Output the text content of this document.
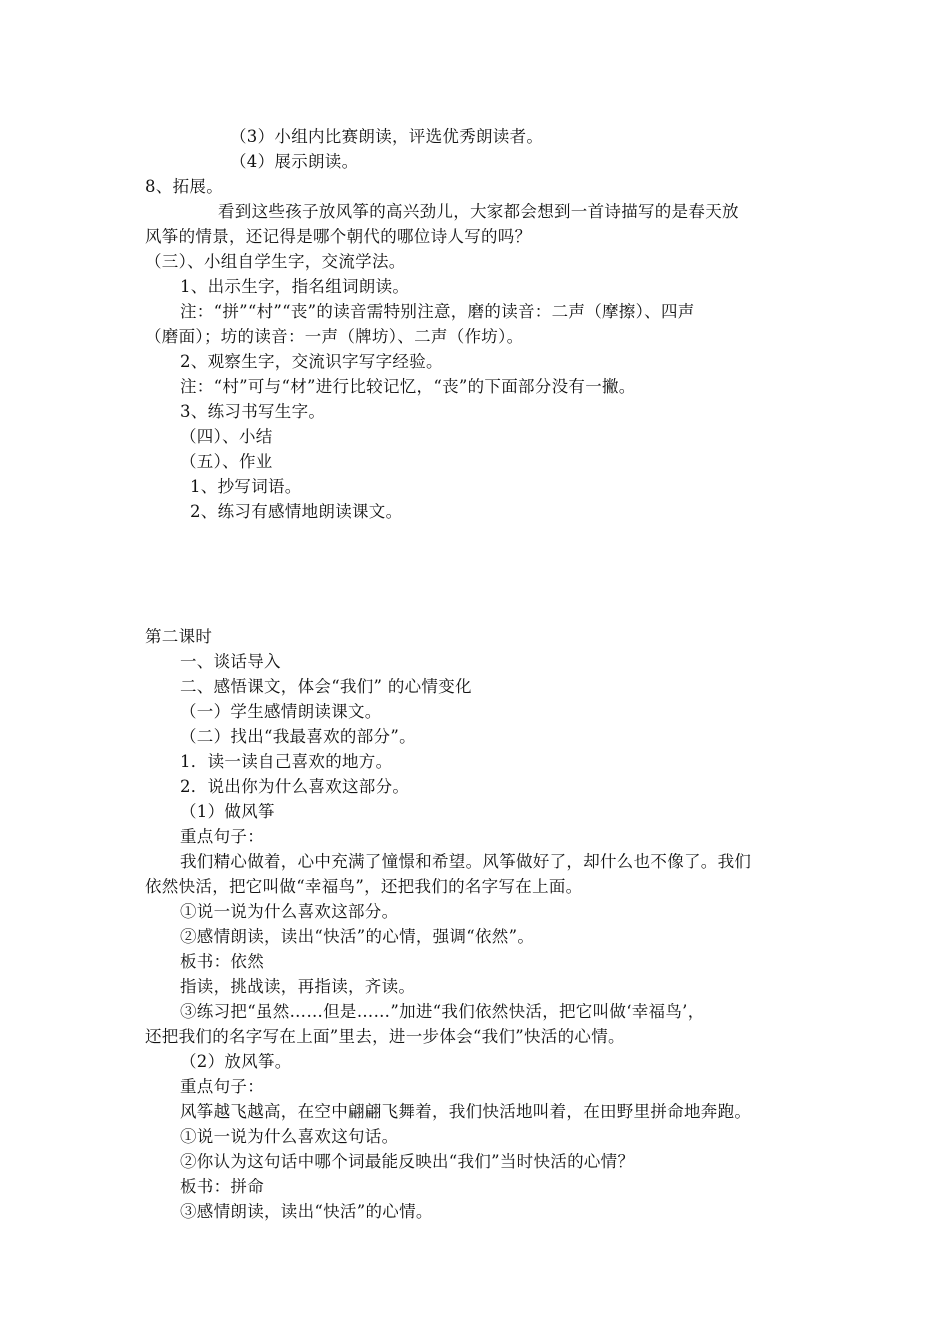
（3）小组内比赛朗读，评选优秀朗读者。
（4）展示朗读。
8、拓展。
看到这些孩子放风筝的高兴劲儿，大家都会想到一首诗描写的是春天放
风筝的情景，还记得是哪个朝代的哪位诗人写的吗？
（三）、小组自学生字，交流学法。
1、出示生字，指名组词朗读。
注：“拼”“村”“丧”的读音需特别注意，磨的读音：二声（摩擦）、四声
（磨面）；坊的读音：一声（牌坊）、二声（作坊）。
2、观察生字，交流识字写字经验。
注：“村”可与“材”进行比较记忆，“丧”的下面部分没有一撇。
3、练习书写生字。
（四）、小结
（五）、作业
1、抄写词语。
2、练习有感情地朗读课文。
第二课时
一、谈话导入
二、感悟课文，体会“我们” 的心情变化
（一）学生感情朗读课文。
（二）找出“我最喜欢的部分”。
1．读一读自己喜欢的地方。
2．说出你为什么喜欢这部分。
（1）做风筝
重点句子：
我们精心做着，心中充满了憧憬和希望。风筝做好了，却什么也不像了。我们
依然快活，把它叫做“幸福鸟”，还把我们的名字写在上面。
①说一说为什么喜欢这部分。
②感情朗读，读出“快活”的心情，强调“依然”。
板书：依然
指读，挑战读，再指读，齐读。
③练习把“虽然……但是……”加进“我们依然快活，把它叫做‘幸福鸟’，
还把我们的名字写在上面”里去，进一步体会“我们”快活的心情。
（2）放风筝。
重点句子：
风筝越飞越高，在空中翩翩飞舞着，我们快活地叫着，在田野里拼命地奔跑。
①说一说为什么喜欢这句话。
②你认为这句话中哪个词最能反映出“我们”当时快活的心情？
板书：拼命
③感情朗读，读出“快活”的心情。
